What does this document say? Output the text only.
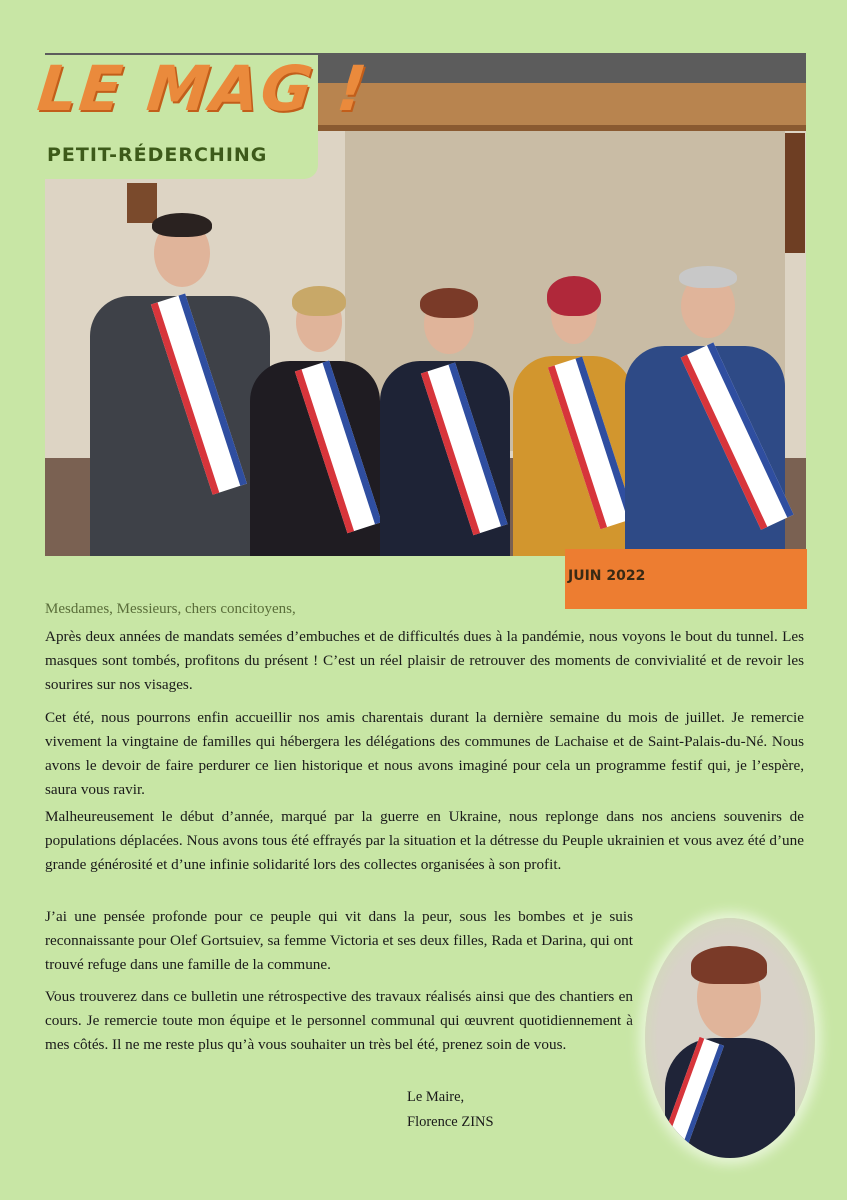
LE MAG !
PETIT-RÉDERCHING
JUIN 2022
Mesdames, Messieurs, chers concitoyens,

Après deux années de mandats semées d’embuches et de difficultés dues à la pandémie, nous voyons le bout du tunnel. Les masques sont tombés, profitons du présent ! C’est un réel plaisir de retrouver des moments de convivialité et de revoir les sourires sur nos visages.

Cet été, nous pourrons enfin accueillir nos amis charentais durant la dernière semaine du mois de juillet. Je remercie vivement la vingtaine de familles qui hébergera les délégations des communes de Lachaise et de Saint-Palais-du-Né. Nous avons le devoir de faire perdurer ce lien historique et nous avons imaginé pour cela un programme festif qui, je l’espère, saura vous ravir.

Malheureusement le début d’année, marqué par la guerre en Ukraine, nous replonge dans nos anciens souvenirs de populations déplacées. Nous avons tous été effrayés par la situation et la détresse du Peuple ukrainien et vous avez été d’une grande générosité et d’une infinie solidarité lors des collectes organisées à son profit.

J’ai une pensée profonde pour ce peuple qui vit dans la peur, sous les bombes et je suis reconnaissante pour Olef Gortsuiev, sa femme Victoria et ses deux filles, Rada et Darina, qui ont trouvé refuge dans une famille de la commune.

Vous trouverez dans ce bulletin une rétrospective des travaux réalisés ainsi que des chantiers en cours. Je remercie toute mon équipe et le personnel communal qui œuvrent quotidiennement à mes côtés. Il ne me reste plus qu’à vous souhaiter un très bel été, prenez soin de vous.

Le Maire,
Florence ZINS
